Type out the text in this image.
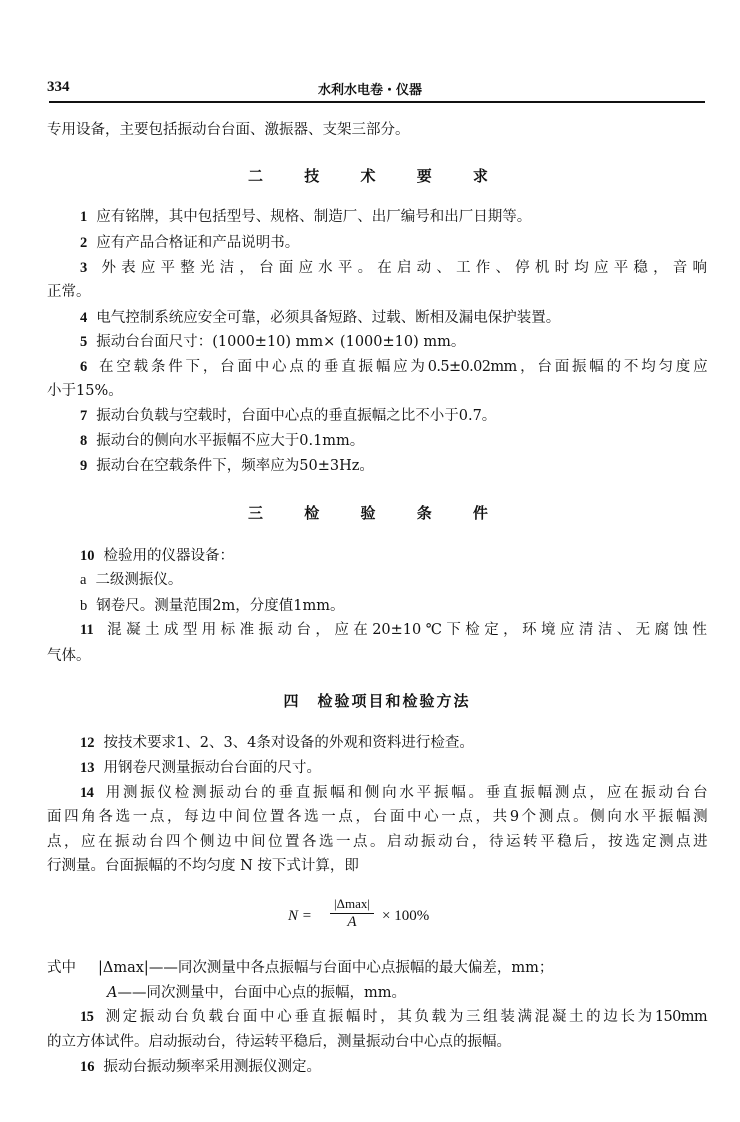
334	水利水电卷・仪器
专用设备，主要包括振动台台面、激振器、支架三部分。
二 技 术 要 求
1 应有铭牌，其中包括型号、规格、制造厂、出厂编号和出厂日期等。
2 应有产品合格证和产品说明书。
3 外表应平整光洁，台面应水平。在启动、工作、停机时均应平稳，音响
正常。
4 电气控制系统应安全可靠，必须具备短路、过载、断相及漏电保护装置。
5 振动台台面尺寸：(1000±10) mm× (1000±10) mm。
6 在空载条件下，台面中心点的垂直振幅应为0.5±0.02mm，台面振幅的不均匀度应
小于15%。
7 振动台负载与空载时，台面中心点的垂直振幅之比不小于0.7。
8 振动台的侧向水平振幅不应大于0.1mm。
9 振动台在空载条件下，频率应为50±3Hz。
三 检 验 条 件
10 检验用的仪器设备：
a 二级测振仪。
b 钢卷尺。测量范围2m，分度值1mm。
11 混凝土成型用标准振动台，应在20±10℃下检定，环境应清洁、无腐蚀性
气体。
四　检验项目和检验方法
12 按技术要求1、2、3、4条对设备的外观和资料进行检查。
13 用钢卷尺测量振动台台面的尺寸。
14 用测振仪检测振动台的垂直振幅和侧向水平振幅。垂直振幅测点，应在振动台台
面四角各选一点，每边中间位置各选一点，台面中心一点，共9个测点。侧向水平振幅测
点，应在振动台四个侧边中间位置各选一点。启动振动台，待运转平稳后，按选定测点进
行测量。台面振幅的不均匀度 N 按下式计算，即
N =
|Δmax|
A	× 100%
式中 |Δmax|——同次测量中各点振幅与台面中心点振幅的最大偏差，mm；
A——同次测量中，台面中心点的振幅，mm。
15 测定振动台负载台面中心垂直振幅时，其负载为三组装满混凝土的边长为150mm
的立方体试件。启动振动台，待运转平稳后，测量振动台中心点的振幅。
16 振动台振动频率采用测振仪测定。
